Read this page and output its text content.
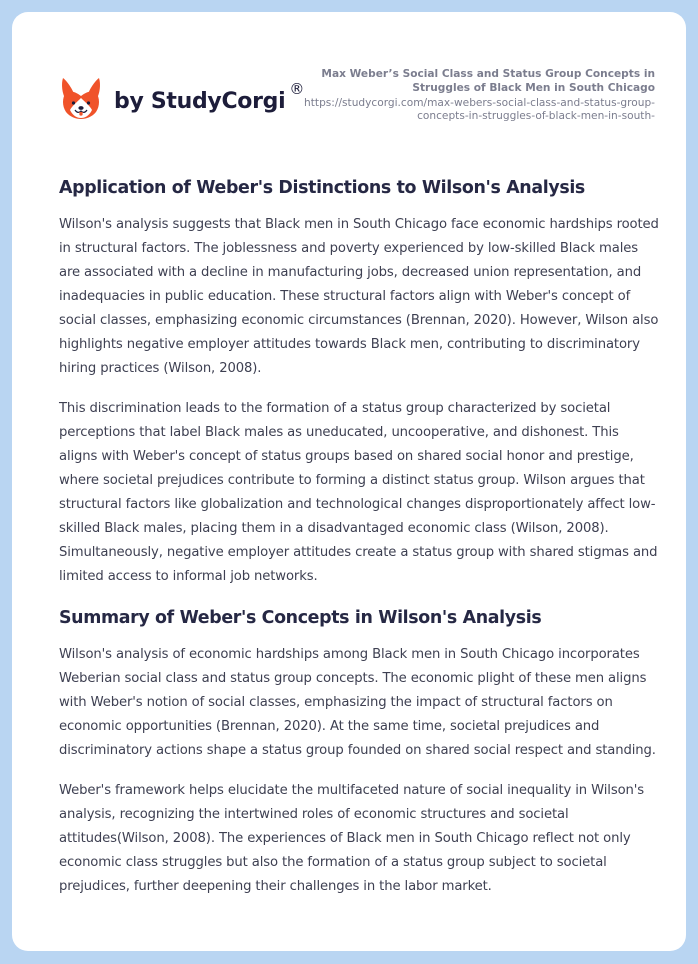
by StudyCorgi ®
Max Weber’s Social Class and Status Group Concepts in Struggles of Black Men in South Chicago
https://studycorgi.com/max-webers-social-class-and-status-group-concepts-in-struggles-of-black-men-in-south-
Application of Weber's Distinctions to Wilson's Analysis

Wilson's analysis suggests that Black men in South Chicago face economic hardships rooted in structural factors. The joblessness and poverty experienced by low-skilled Black males are associated with a decline in manufacturing jobs, decreased union representation, and inadequacies in public education. These structural factors align with Weber's concept of social classes, emphasizing economic circumstances (Brennan, 2020). However, Wilson also highlights negative employer attitudes towards Black men, contributing to discriminatory hiring practices (Wilson, 2008).

This discrimination leads to the formation of a status group characterized by societal perceptions that label Black males as uneducated, uncooperative, and dishonest. This aligns with Weber's concept of status groups based on shared social honor and prestige, where societal prejudices contribute to forming a distinct status group. Wilson argues that structural factors like globalization and technological changes disproportionately affect low-skilled Black males, placing them in a disadvantaged economic class (Wilson, 2008). Simultaneously, negative employer attitudes create a status group with shared stigmas and limited access to informal job networks.

Summary of Weber's Concepts in Wilson's Analysis

Wilson's analysis of economic hardships among Black men in South Chicago incorporates Weberian social class and status group concepts. The economic plight of these men aligns with Weber's notion of social classes, emphasizing the impact of structural factors on economic opportunities (Brennan, 2020). At the same time, societal prejudices and discriminatory actions shape a status group founded on shared social respect and standing.

Weber's framework helps elucidate the multifaceted nature of social inequality in Wilson's analysis, recognizing the intertwined roles of economic structures and societal attitudes(Wilson, 2008). The experiences of Black men in South Chicago reflect not only economic class struggles but also the formation of a status group subject to societal prejudices, further deepening their challenges in the labor market.
